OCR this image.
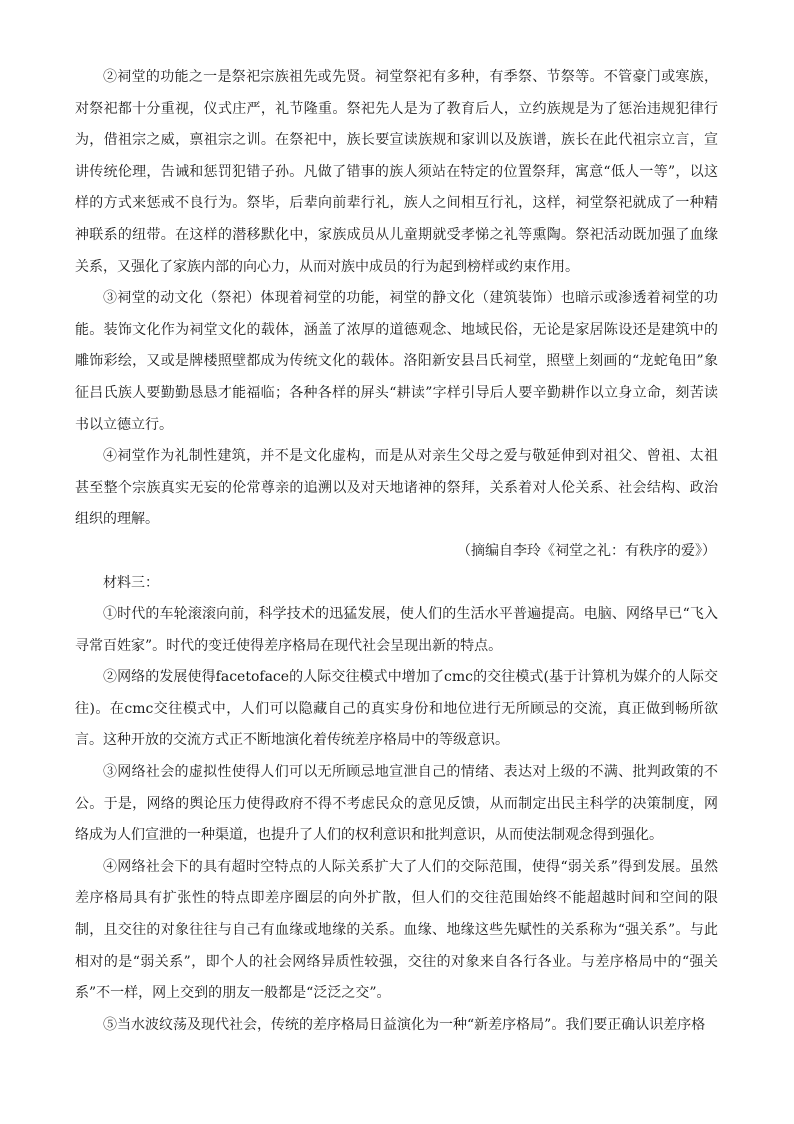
②祠堂的功能之一是祭祀宗族祖先或先贤。祠堂祭祀有多种，有季祭、节祭等。不管豪门或寒族，对祭祀都十分重视，仪式庄严，礼节隆重。祭祀先人是为了教育后人，立约族规是为了惩治违规犯律行为，借祖宗之威，禀祖宗之训。在祭祀中，族长要宣读族规和家训以及族谱，族长在此代祖宗立言，宣讲传统伦理，告诫和惩罚犯错子孙。凡做了错事的族人须站在特定的位置祭拜，寓意“低人一等”，以这样的方式来惩戒不良行为。祭毕，后辈向前辈行礼，族人之间相互行礼，这样，祠堂祭祀就成了一种精神联系的纽带。在这样的潜移默化中，家族成员从儿童期就受孝悌之礼等熏陶。祭祀活动既加强了血缘关系，又强化了家族内部的向心力，从而对族中成员的行为起到榜样或约束作用。

③祠堂的动文化（祭祀）体现着祠堂的功能，祠堂的静文化（建筑装饰）也暗示或渗透着祠堂的功能。装饰文化作为祠堂文化的载体，涵盖了浓厚的道德观念、地域民俗，无论是家居陈设还是建筑中的雕饰彩绘，又或是牌楼照壁都成为传统文化的载体。洛阳新安县吕氏祠堂，照壁上刻画的“龙蛇龟田”象征吕氏族人要勤勤恳恳才能福临；各种各样的屏头“耕读”字样引导后人要辛勤耕作以立身立命，刻苦读书以立德立行。

④祠堂作为礼制性建筑，并不是文化虚构，而是从对亲生父母之爱与敬延伸到对祖父、曾祖、太祖甚至整个宗族真实无妄的伦常尊亲的追溯以及对天地诸神的祭拜，关系着对人伦关系、社会结构、政治组织的理解。

（摘编自李玲《祠堂之礼：有秩序的爱》）

材料三：

①时代的车轮滚滚向前，科学技术的迅猛发展，使人们的生活水平普遍提高。电脑、网络早已“飞入寻常百姓家”。时代的变迁使得差序格局在现代社会呈现出新的特点。

②网络的发展使得facetoface的人际交往模式中增加了cmc的交往模式(基于计算机为媒介的人际交往)。在cmc交往模式中，人们可以隐藏自己的真实身份和地位进行无所顾忌的交流，真正做到畅所欲言。这种开放的交流方式正不断地演化着传统差序格局中的等级意识。

③网络社会的虚拟性使得人们可以无所顾忌地宣泄自己的情绪、表达对上级的不满、批判政策的不公。于是，网络的舆论压力使得政府不得不考虑民众的意见反馈，从而制定出民主科学的决策制度，网络成为人们宣泄的一种渠道，也提升了人们的权利意识和批判意识，从而使法制观念得到强化。

④网络社会下的具有超时空特点的人际关系扩大了人们的交际范围，使得“弱关系”得到发展。虽然差序格局具有扩张性的特点即差序圈层的向外扩散，但人们的交往范围始终不能超越时间和空间的限制，且交往的对象往往与自己有血缘或地缘的关系。血缘、地缘这些先赋性的关系称为“强关系”。与此相对的是“弱关系”，即个人的社会网络异质性较强，交往的对象来自各行各业。与差序格局中的“强关系”不一样，网上交到的朋友一般都是“泛泛之交”。

⑤当水波纹荡及现代社会，传统的差序格局日益演化为一种“新差序格局”。我们要正确认识差序格
